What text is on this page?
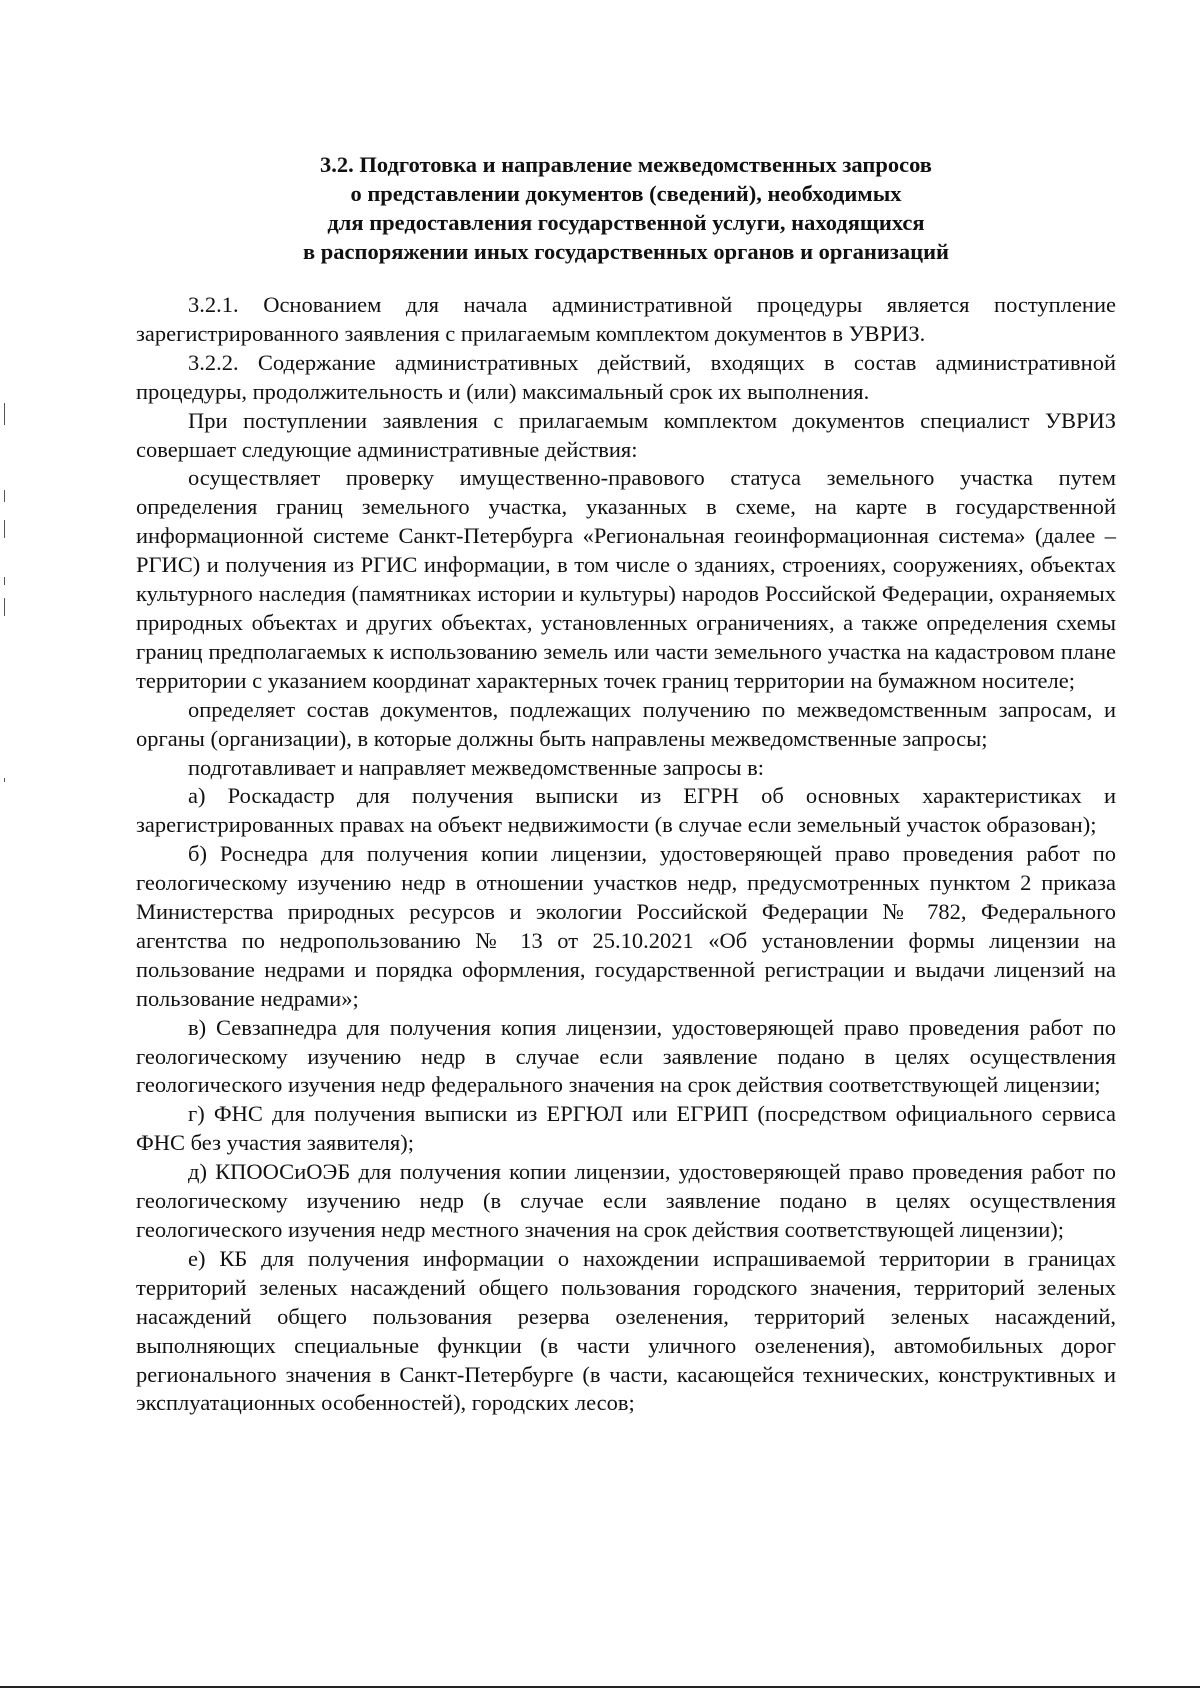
3.2. Подготовка и направление межведомственных запросов
о представлении документов (сведений), необходимых
для предоставления государственной услуги, находящихся
в распоряжении иных государственных органов и организаций

3.2.1. Основанием для начала административной процедуры является поступление зарегистрированного заявления с прилагаемым комплектом документов в УВРИЗ.

3.2.2. Содержание административных действий, входящих в состав административной процедуры, продолжительность и (или) максимальный срок их выполнения.

При поступлении заявления с прилагаемым комплектом документов специалист УВРИЗ совершает следующие административные действия:

осуществляет проверку имущественно-правового статуса земельного участка путем определения границ земельного участка, указанных в схеме, на карте в государственной информационной системе Санкт-Петербурга «Региональная геоинформационная система» (далее – РГИС) и получения из РГИС информации, в том числе о зданиях, строениях, сооружениях, объектах культурного наследия (памятниках истории и культуры) народов Российской Федерации, охраняемых природных объектах и других объектах, установленных ограничениях, а также определения схемы границ предполагаемых к использованию земель или части земельного участка на кадастровом плане территории с указанием координат характерных точек границ территории на бумажном носителе;

определяет состав документов, подлежащих получению по межведомственным запросам, и органы (организации), в которые должны быть направлены межведомственные запросы;

подготавливает и направляет межведомственные запросы в:

а) Роскадастр для получения выписки из ЕГРН об основных характеристиках и зарегистрированных правах на объект недвижимости (в случае если земельный участок образован);

б) Роснедра для получения копии лицензии, удостоверяющей право проведения работ по геологическому изучению недр в отношении участков недр, предусмотренных пунктом 2 приказа Министерства природных ресурсов и экологии Российской Федерации № 782, Федерального агентства по недропользованию № 13 от 25.10.2021 «Об установлении формы лицензии на пользование недрами и порядка оформления, государственной регистрации и выдачи лицензий на пользование недрами»;

в) Севзапнедра для получения копия лицензии, удостоверяющей право проведения работ по геологическому изучению недр в случае если заявление подано в целях осуществления геологического изучения недр федерального значения на срок действия соответствующей лицензии;

г) ФНС для получения выписки из ЕРГЮЛ или ЕГРИП (посредством официального сервиса ФНС без участия заявителя);

д) КПООСиОЭБ для получения копии лицензии, удостоверяющей право проведения работ по геологическому изучению недр (в случае если заявление подано в целях осуществления геологического изучения недр местного значения на срок действия соответствующей лицензии);

е) КБ для получения информации о нахождении испрашиваемой территории в границах территорий зеленых насаждений общего пользования городского значения, территорий зеленых насаждений общего пользования резерва озеленения, территорий зеленых насаждений, выполняющих специальные функции (в части уличного озеленения), автомобильных дорог регионального значения в Санкт-Петербурге (в части, касающейся технических, конструктивных и эксплуатационных особенностей), городских лесов;
